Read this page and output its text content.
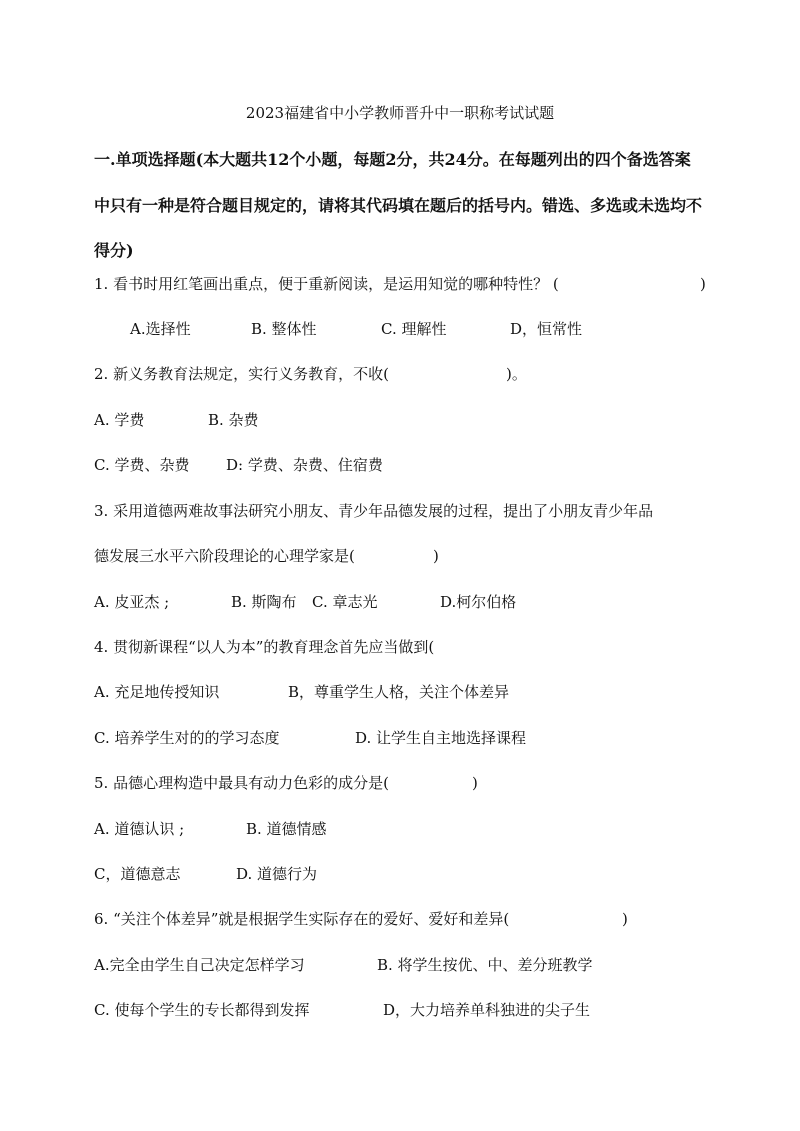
2023福建省中小学教师晋升中一职称考试试题
一.单项选择题(本大题共12个小题，每题2分，共24分。在每题列出的四个备选答案
中只有一种是符合题目规定的，请将其代码填在题后的括号内。错选、多选或未选均不
得分)
1. 看书时用红笔画出重点，便于重新阅读，是运用知觉的哪种特性？ (	)
A.选择性	B. 整体性	C. 理解性	D，恒常性
2. 新义务教育法规定，实行义务教育，不收(	)。
A. 学费	B. 杂费
C. 学费、杂费 D: 学费、杂费、住宿费
3. 采用道德两难故事法研究小朋友、青少年品德发展的过程，提出了小朋友青少年品
德发展三水平六阶段理论的心理学家是(	)
A. 皮亚杰 ;	B. 斯陶布 C. 章志光	D.柯尔伯格
4. 贯彻新课程“以人为本”的教育理念首先应当做到(
A. 充足地传授知识	B，尊重学生人格，关注个体差异
C. 培养学生对的的学习态度	D. 让学生自主地选择课程
5. 品德心理构造中最具有动力色彩的成分是(	)
A. 道德认识 ;	B. 道德情感
C，道德意志	D. 道德行为
6. “关注个体差异”就是根据学生实际存在的爱好、爱好和差异(	)
A.完全由学生自己决定怎样学习	B. 将学生按优、中、差分班教学
C. 使每个学生的专长都得到发挥	D，大力培养单科独进的尖子生
